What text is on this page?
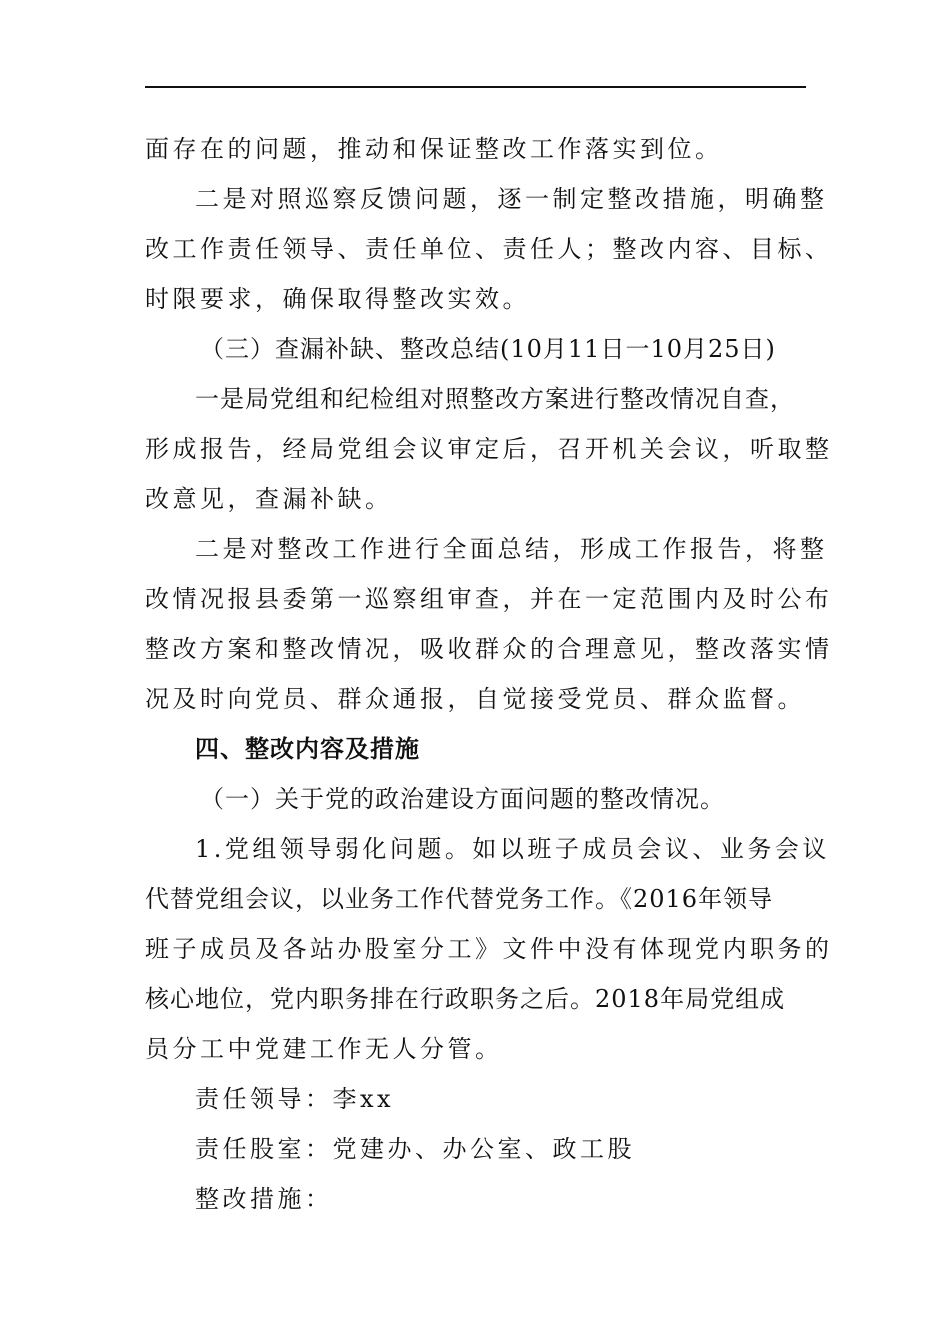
面存在的问题，推动和保证整改工作落实到位。
二是对照巡察反馈问题，逐一制定整改措施，明确整
改工作责任领导、责任单位、责任人；整改内容、目标、
时限要求，确保取得整改实效。
（三）查漏补缺、整改总结(10月11日一10月25日)
一是局党组和纪检组对照整改方案进行整改情况自查，
形成报告，经局党组会议审定后，召开机关会议，听取整
改意见，查漏补缺。
二是对整改工作进行全面总结，形成工作报告，将整
改情况报县委第一巡察组审查，并在一定范围内及时公布
整改方案和整改情况，吸收群众的合理意见，整改落实情
况及时向党员、群众通报，自觉接受党员、群众监督。
四、整改内容及措施
（一）关于党的政治建设方面问题的整改情况。
1.党组领导弱化问题。如以班子成员会议、业务会议
代替党组会议，以业务工作代替党务工作。《2016年领导
班子成员及各站办股室分工》文件中没有体现党内职务的
核心地位，党内职务排在行政职务之后。2018年局党组成
员分工中党建工作无人分管。
责任领导：李xx
责任股室：党建办、办公室、政工股
整改措施：
